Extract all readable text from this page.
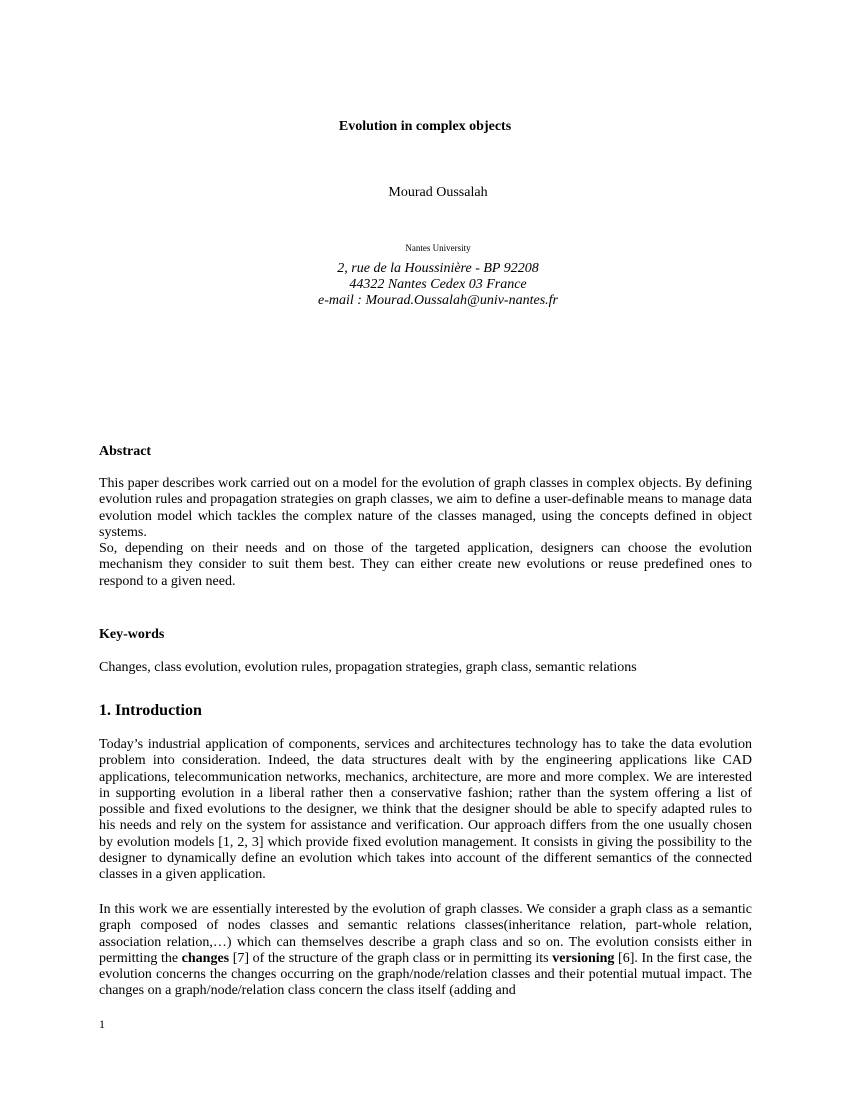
Evolution in complex objects
Mourad Oussalah
Nantes University
2, rue de la Houssinière - BP 92208
44322 Nantes Cedex 03 France
e-mail : Mourad.Oussalah@univ-nantes.fr
Abstract

This paper describes work carried out on a model for the evolution of graph classes in complex objects. By defining evolution rules and propagation strategies on graph classes, we aim to define a user-definable means to manage data evolution model which tackles the complex nature of the classes managed, using the concepts defined in object systems.

So, depending on their needs and on those of the targeted application, designers can choose the evolution mechanism they consider to suit them best. They can either create new evolutions or reuse predefined ones to respond to a given need.

Key-words
Changes, class evolution, evolution rules, propagation strategies, graph class, semantic relations
1. Introduction

Today’s industrial application of components, services and architectures technology has to take the data evolution problem into consideration. Indeed, the data structures dealt with by the engineering applications like CAD applications, telecommunication networks, mechanics, architecture, are more and more complex. We are interested in supporting evolution in a liberal rather then a conservative fashion; rather than the system offering a list of possible and fixed evolutions to the designer, we think that the designer should be able to specify adapted rules to his needs and rely on the system for assistance and verification. Our approach differs from the one usually chosen by evolution models [1, 2, 3] which provide fixed evolution management. It consists in giving the possibility to the designer to dynamically define an evolution which takes into account of the different semantics of the connected classes in a given application.

In this work we are essentially interested by the evolution of graph classes. We consider a graph class as a semantic graph composed of nodes classes and semantic relations classes(inheritance relation, part-whole relation, association relation,…) which can themselves describe a graph class and so on. The evolution consists either in permitting the changes [7] of the structure of the graph class or in permitting its versioning [6]. In the first case, the evolution concerns the changes occurring on the graph/node/relation classes and their potential mutual impact. The changes on a graph/node/relation class concern the class itself (adding and

1
